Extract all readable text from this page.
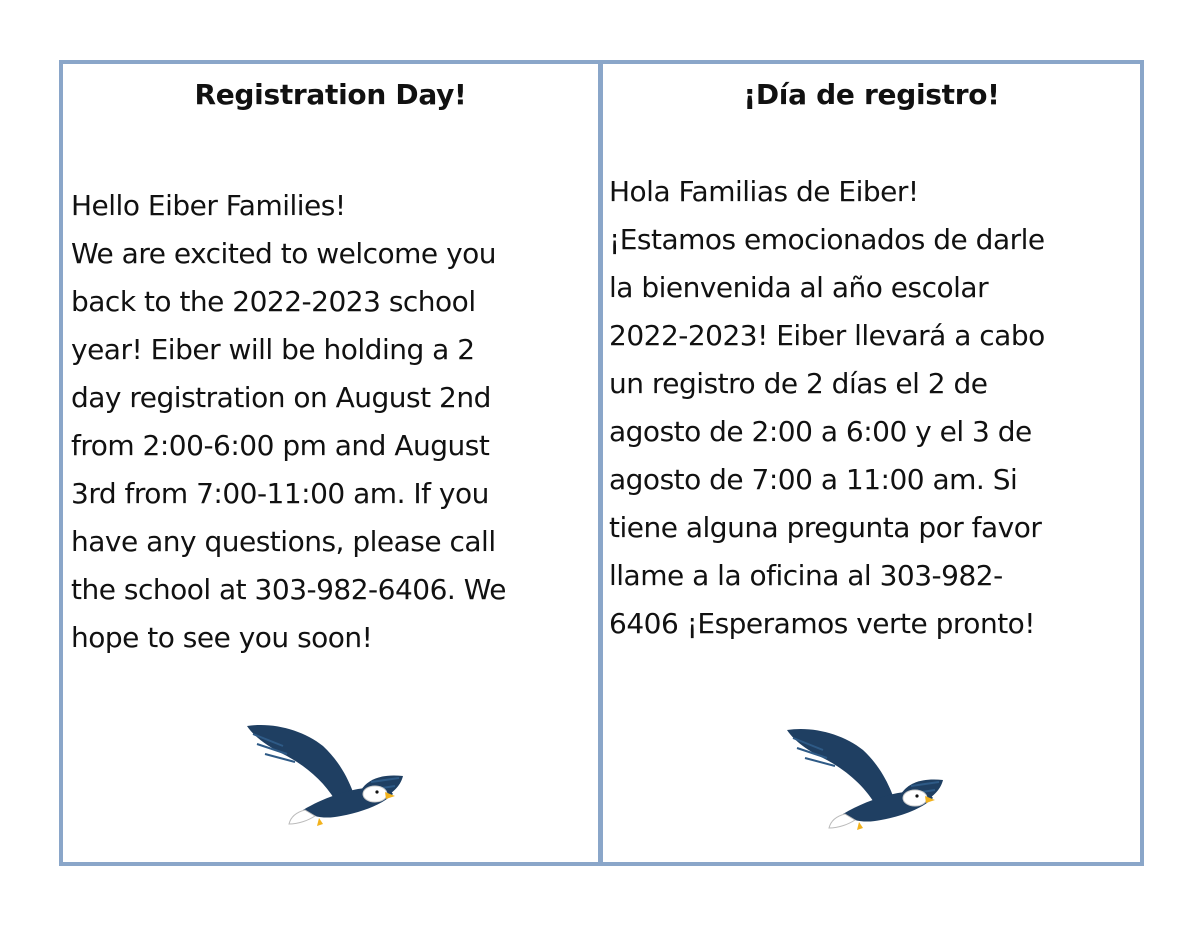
Registration Day!

Hello Eiber Families!
We are excited to welcome you
back to the 2022-2023 school
year! Eiber will be holding a 2
day registration on August 2nd
from 2:00-6:00 pm and August
3rd from 7:00-11:00 am. If you
have any questions, please call
the school at 303-982-6406. We
hope to see you soon!

¡Día de registro!

Hola Familias de Eiber!
¡Estamos emocionados de darle
la bienvenida al año escolar
2022-2023! Eiber llevará a cabo
un registro de 2 días el 2 de
agosto de 2:00 a 6:00 y el 3 de
agosto de 7:00 a 11:00 am. Si
tiene alguna pregunta por favor
llame a la oficina al 303-982-
6406 ¡Esperamos verte pronto!
